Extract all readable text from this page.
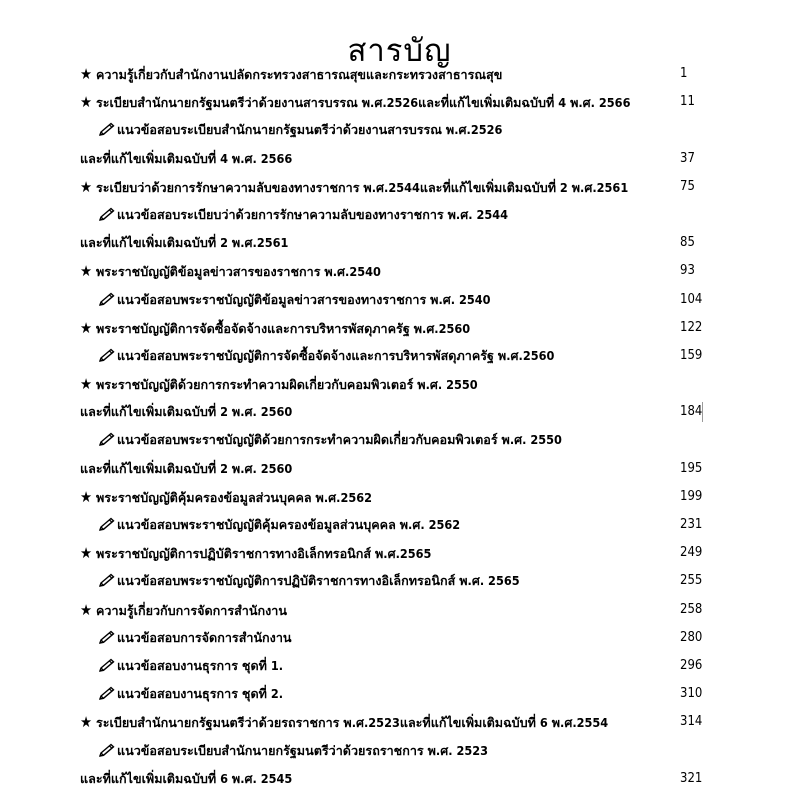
สารบัญ
★ ความรู้เกี่ยวกับสำนักงานปลัดกระทรวงสาธารณสุขและกระทรวงสาธารณสุข	1
★ ระเบียบสำนักนายกรัฐมนตรีว่าด้วยงานสารบรรณ พ.ศ.2526และที่แก้ไขเพิ่มเติมฉบับที่ 4 พ.ศ. 2566	11
แนวข้อสอบระเบียบสำนักนายกรัฐมนตรีว่าด้วยงานสารบรรณ พ.ศ.2526
และที่แก้ไขเพิ่มเติมฉบับที่ 4 พ.ศ. 2566	37
★ ระเบียบว่าด้วยการรักษาความลับของทางราชการ พ.ศ.2544และที่แก้ไขเพิ่มเติมฉบับที่ 2 พ.ศ.2561	75
แนวข้อสอบระเบียบว่าด้วยการรักษาความลับของทางราชการ พ.ศ. 2544
และที่แก้ไขเพิ่มเติมฉบับที่ 2 พ.ศ.2561	85
★ พระราชบัญญัติข้อมูลข่าวสารของราชการ พ.ศ.2540	93
แนวข้อสอบพระราชบัญญัติข้อมูลข่าวสารของทางราชการ พ.ศ. 2540	104
★ พระราชบัญญัติการจัดซื้อจัดจ้างและการบริหารพัสดุภาครัฐ พ.ศ.2560	122
แนวข้อสอบพระราชบัญญัติการจัดซื้อจัดจ้างและการบริหารพัสดุภาครัฐ พ.ศ.2560	159
★ พระราชบัญญัติด้วยการกระทำความผิดเกี่ยวกับคอมพิวเตอร์ พ.ศ. 2550
และที่แก้ไขเพิ่มเติมฉบับที่ 2 พ.ศ. 2560	184
แนวข้อสอบพระราชบัญญัติด้วยการกระทำความผิดเกี่ยวกับคอมพิวเตอร์ พ.ศ. 2550
และที่แก้ไขเพิ่มเติมฉบับที่ 2 พ.ศ. 2560	195
★ พระราชบัญญัติคุ้มครองข้อมูลส่วนบุคคล พ.ศ.2562	199
แนวข้อสอบพระราชบัญญัติคุ้มครองข้อมูลส่วนบุคคล พ.ศ. 2562	231
★ พระราชบัญญัติการปฏิบัติราชการทางอิเล็กทรอนิกส์ พ.ศ.2565	249
แนวข้อสอบพระราชบัญญัติการปฏิบัติราชการทางอิเล็กทรอนิกส์ พ.ศ. 2565	255
★ ความรู้เกี่ยวกับการจัดการสำนักงาน	258
แนวข้อสอบการจัดการสำนักงาน	280
แนวข้อสอบงานธุรการ ชุดที่ 1.	296
แนวข้อสอบงานธุรการ ชุดที่ 2.	310
★ ระเบียบสำนักนายกรัฐมนตรีว่าด้วยรถราชการ พ.ศ.2523และที่แก้ไขเพิ่มเติมฉบับที่ 6 พ.ศ.2554	314
แนวข้อสอบระเบียบสำนักนายกรัฐมนตรีว่าด้วยรถราชการ พ.ศ. 2523
และที่แก้ไขเพิ่มเติมฉบับที่ 6 พ.ศ. 2545	321
